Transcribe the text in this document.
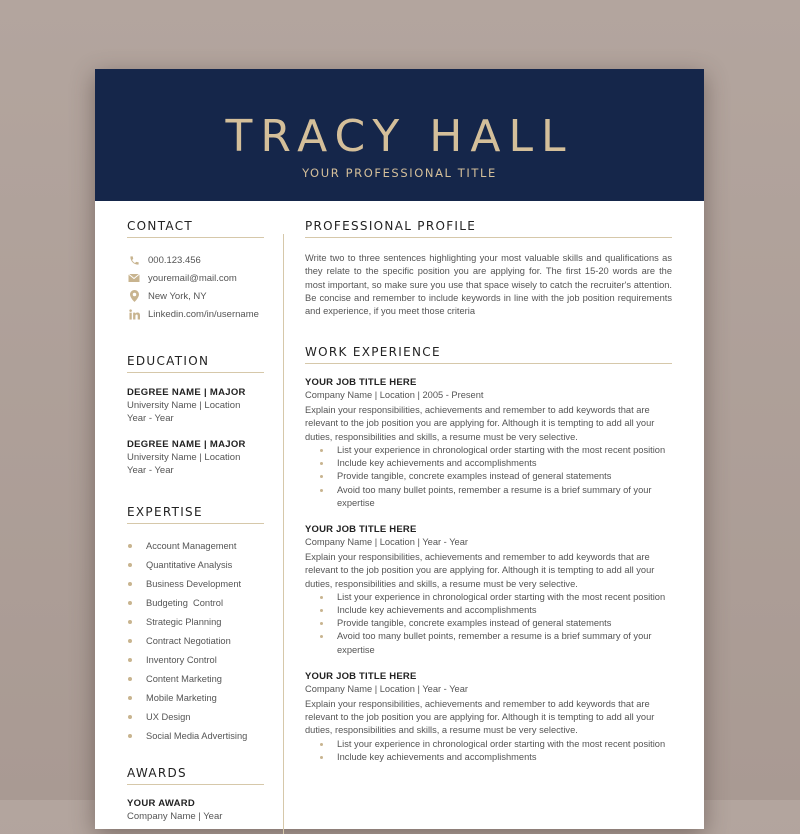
TRACY HALL
YOUR PROFESSIONAL TITLE
CONTACT
000.123.456
youremail@mail.com
New York, NY
Linkedin.com/in/username
EDUCATION
DEGREE NAME | MAJOR
University Name | Location
Year - Year
DEGREE NAME | MAJOR
University Name | Location
Year - Year
EXPERTISE
Account Management
Quantitative Analysis
Business Development
Budgeting  Control
Strategic Planning
Contract Negotiation
Inventory Control
Content Marketing
Mobile Marketing
UX Design
Social Media Advertising
AWARDS
YOUR AWARD
Company Name | Year
PROFESSIONAL PROFILE
Write two to three sentences highlighting your most valuable skills and qualifications as they relate to the specific position you are applying for. The first 15-20 words are the most important, so make sure you use that space wisely to catch the recruiter's attention. Be concise and remember to include keywords in line with the job position requirements and experience, if you meet those criteria
WORK EXPERIENCE
YOUR JOB TITLE HERE
Company Name | Location | 2005 - Present
Explain your responsibilities, achievements and remember to add keywords that are relevant to the job position you are applying for. Although it is tempting to add all your duties, responsibilities and skills, a resume must be very selective.
List your experience in chronological order starting with the most recent position
Include key achievements and accomplishments
Provide tangible, concrete examples instead of general statements
Avoid too many bullet points, remember a resume is a brief summary of your expertise
YOUR JOB TITLE HERE
Company Name | Location | Year - Year
Explain your responsibilities, achievements and remember to add keywords that are relevant to the job position you are applying for. Although it is tempting to add all your duties, responsibilities and skills, a resume must be very selective.
List your experience in chronological order starting with the most recent position
Include key achievements and accomplishments
Provide tangible, concrete examples instead of general statements
Avoid too many bullet points, remember a resume is a brief summary of your expertise
YOUR JOB TITLE HERE
Company Name | Location | Year - Year
Explain your responsibilities, achievements and remember to add keywords that are relevant to the job position you are applying for. Although it is tempting to add all your duties, responsibilities and skills, a resume must be very selective.
List your experience in chronological order starting with the most recent position
Include key achievements and accomplishments
